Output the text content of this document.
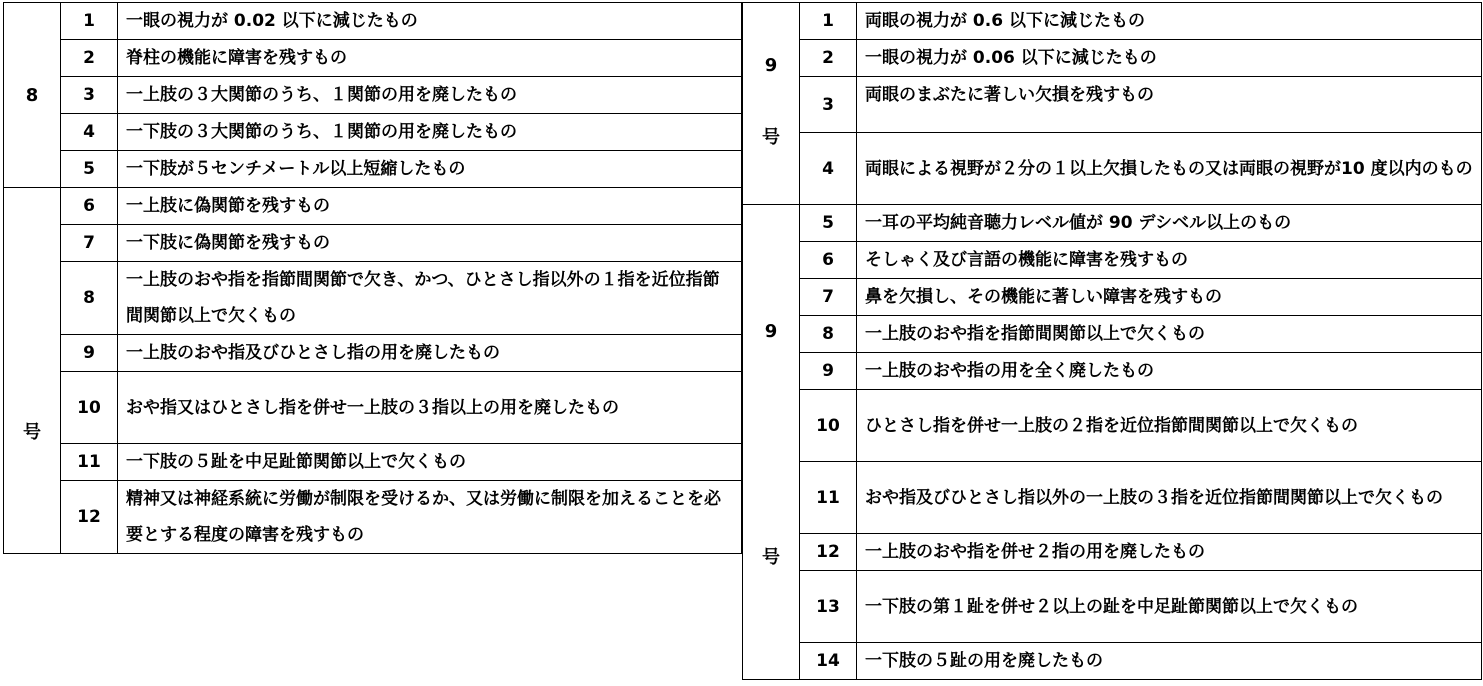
8	1	一眼の視力が 0.02 以下に減じたもの
	2	脊柱の機能に障害を残すもの
	3	一上肢の３大関節のうち、１関節の用を廃したもの
	4	一下肢の３大関節のうち、１関節の用を廃したもの
	5	一下肢が５センチメートル以上短縮したもの

号	6	一上肢に偽関節を残すもの
	7	一下肢に偽関節を残すもの
	8	一上肢のおや指を指節間関節で欠き、かつ、ひとさし指以外の１指を近位指節間関節以上で欠くもの
	9	一上肢のおや指及びひとさし指の用を廃したもの
	10	おや指又はひとさし指を併せ一上肢の３指以上の用を廃したもの
	11	一下肢の５趾を中足趾節関節以上で欠くもの
	12	精神又は神経系統に労働が制限を受けるか、又は労働に制限を加えることを必要とする程度の障害を残すもの
9
号	1	両眼の視力が 0.6 以下に減じたもの
	2	一眼の視力が 0.06 以下に減じたもの
	3	両眼のまぶたに著しい欠損を残すもの
	4	両眼による視野が２分の１以上欠損したもの又は両眼の視野が10 度以内のもの

9
号	5	一耳の平均純音聴力レベル値が 90 デシベル以上のもの
	6	そしゃく及び言語の機能に障害を残すもの
	7	鼻を欠損し、その機能に著しい障害を残すもの
	8	一上肢のおや指を指節間関節以上で欠くもの
	9	一上肢のおや指の用を全く廃したもの
	10	ひとさし指を併せ一上肢の２指を近位指節間関節以上で欠くもの
	11	おや指及びひとさし指以外の一上肢の３指を近位指節間関節以上で欠くもの
	12	一上肢のおや指を併せ２指の用を廃したもの
	13	一下肢の第１趾を併せ２以上の趾を中足趾節関節以上で欠くもの
	14	一下肢の５趾の用を廃したもの
